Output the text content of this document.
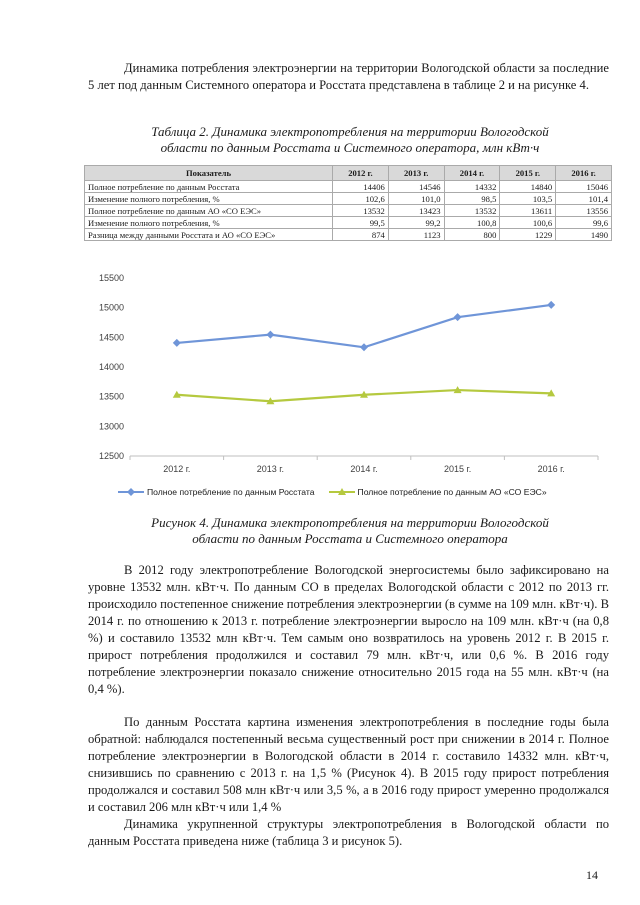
Динамика потребления электроэнергии на территории Вологодской области за последние 5 лет под данным Системного оператора и Росстата представлена в таблице 2 и на рисунке 4.
Таблица 2. Динамика электропотребления на территории Вологодской
области по данным Росстата и Системного оператора, млн кВт·ч
Показатель	2012 г.	2013 г.	2014 г.	2015 г.	2016 г.
Полное потребление по данным Росстата	14406	14546	14332	14840	15046
Изменение полного потребления, %	102,6	101,0	98,5	103,5	101,4
Полное потребление по данным АО «СО ЕЭС»	13532	13423	13532	13611	13556
Изменение полного потребления, %	99,5	99,2	100,8	100,6	99,6
Разница между данными Росстата и АО «СО ЕЭС»	874	1123	800	1229	1490
12500
13000
13500
14000
14500
15000
15500
2012 г.	2013 г.	2014 г.	2015 г.	2016 г.
Полное потребление по данным Росстата	Полное потребление по данным АО «СО ЕЭС»
Рисунок 4. Динамика электропотребления на территории Вологодской
области по данным Росстата и Системного оператора
В 2012 году электропотребление Вологодской энергосистемы было зафиксировано на уровне 13532 млн. кВт·ч. По данным СО в пределах Вологодской области с 2012 по 2013 гг. происходило постепенное снижение потребления электроэнергии (в сумме на 109 млн. кВт·ч). В 2014 г. по отношению к 2013 г. потребление электроэнергии выросло на 109 млн. кВт·ч (на 0,8 %) и составило 13532 млн кВт·ч. Тем самым оно возвратилось на уровень 2012 г. В 2015 г. прирост потребления продолжился и составил 79 млн. кВт·ч, или 0,6 %. В 2016 году потребление электроэнергии показало снижение относительно 2015 года на 55 млн. кВт·ч (на 0,4 %).
По данным Росстата картина изменения электропотребления в последние годы была обратной: наблюдался постепенный весьма существенный рост при снижении в 2014 г. Полное потребление электроэнергии в Вологодской области в 2014 г. составило 14332 млн. кВт·ч, снизившись по сравнению с 2013 г. на 1,5 % (Рисунок 4). В 2015 году прирост потребления продолжался и составил 508 млн кВт·ч или 3,5 %, а в 2016 году прирост умеренно продолжался и составил 206 млн кВт·ч или 1,4 %
Динамика укрупненной структуры электропотребления в Вологодской области по данным Росстата приведена ниже (таблица 3 и рисунок 5).
14
